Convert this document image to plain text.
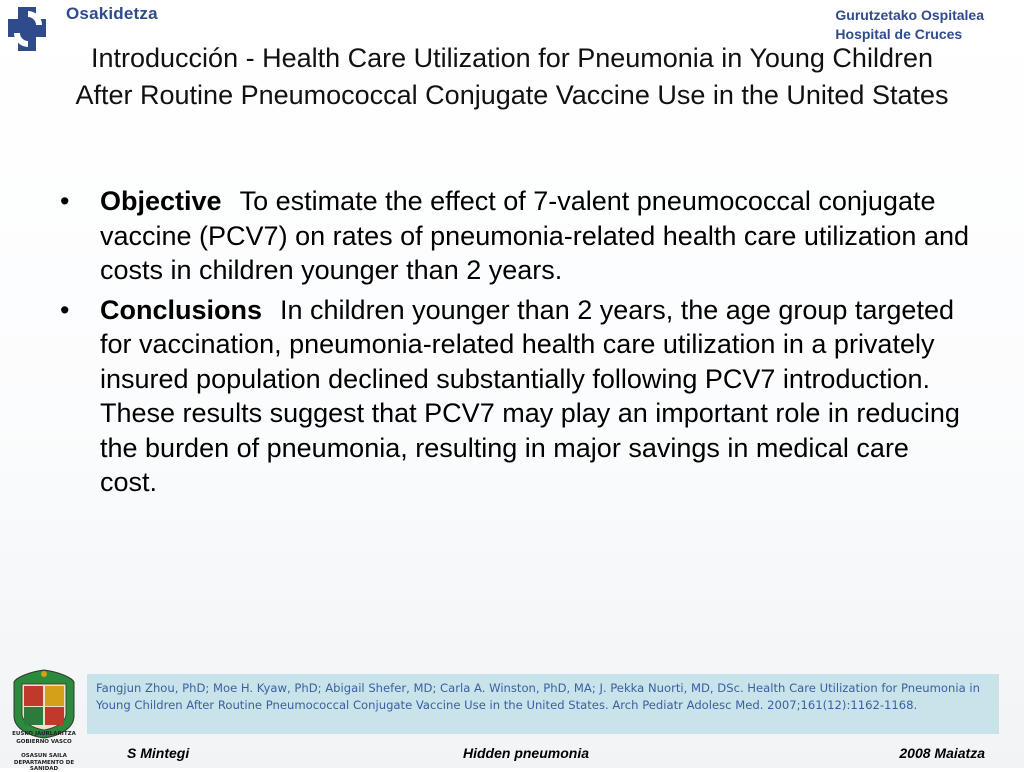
Osakidetza	Gurutzetako Ospitalea
Hospital de Cruces
Introducción - Health Care Utilization for Pneumonia in Young Children After Routine Pneumococcal Conjugate Vaccine Use in the United States
• Objective To estimate the effect of 7-valent pneumococcal conjugate vaccine (PCV7) on rates of pneumonia-related health care utilization and costs in children younger than 2 years.
• Conclusions In children younger than 2 years, the age group targeted for vaccination, pneumonia-related health care utilization in a privately insured population declined substantially following PCV7 introduction. These results suggest that PCV7 may play an important role in reducing the burden of pneumonia, resulting in major savings in medical care cost.
EUSKO JAURLARITZA
GOBIERNO VASCO
OSASUN SAILA
DEPARTAMENTO DE SANIDAD
Fangjun Zhou, PhD; Moe H. Kyaw, PhD; Abigail Shefer, MD; Carla A. Winston, PhD, MA; J. Pekka Nuorti, MD, DSc. Health Care Utilization for Pneumonia in Young Children After Routine Pneumococcal Conjugate Vaccine Use in the United States. Arch Pediatr Adolesc Med. 2007;161(12):1162-1168.
S Mintegi	Hidden pneumonia	2008 Maiatza
